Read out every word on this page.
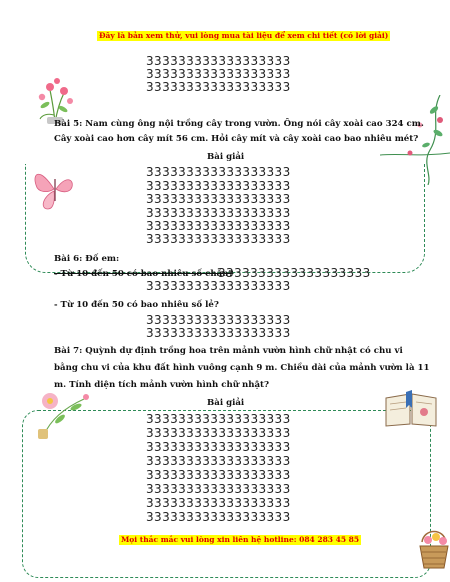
Đây là bản xem thử, vui lòng mua tài liệu để xem chi tiết (có lời giải)
333333333333333333
333333333333333333
333333333333333333
Bài 5: Nam cùng ông nội trồng cây trong vườn. Ông nói cây xoài cao 324 cm.
Cây xoài cao hơn cây mít 56 cm. Hỏi cây mít và cây xoài cao bao nhiêu mét?
Bài giải
333333333333333333
333333333333333333
333333333333333333
333333333333333333
333333333333333333
333333333333333333
Bài 6: Đố em:
- Từ 10 đến 50 có bao nhiêu số chẵn?
3333333333333333333
333333333333333333
- Từ 10 đến 50 có bao nhiêu số lẻ?
333333333333333333
333333333333333333
Bài 7: Quỳnh dự định trồng hoa trên mảnh vườn hình chữ nhật có chu vi
bằng chu vi của khu đất hình vuông cạnh 9 m. Chiều dài của mảnh vườn là 11
m. Tính diện tích mảnh vườn hình chữ nhật?
Bài giải
333333333333333333
333333333333333333
333333333333333333
333333333333333333
333333333333333333
333333333333333333
333333333333333333
333333333333333333
Mọi thắc mắc vui lòng xin liên hệ hotline: 084 283 45 85
